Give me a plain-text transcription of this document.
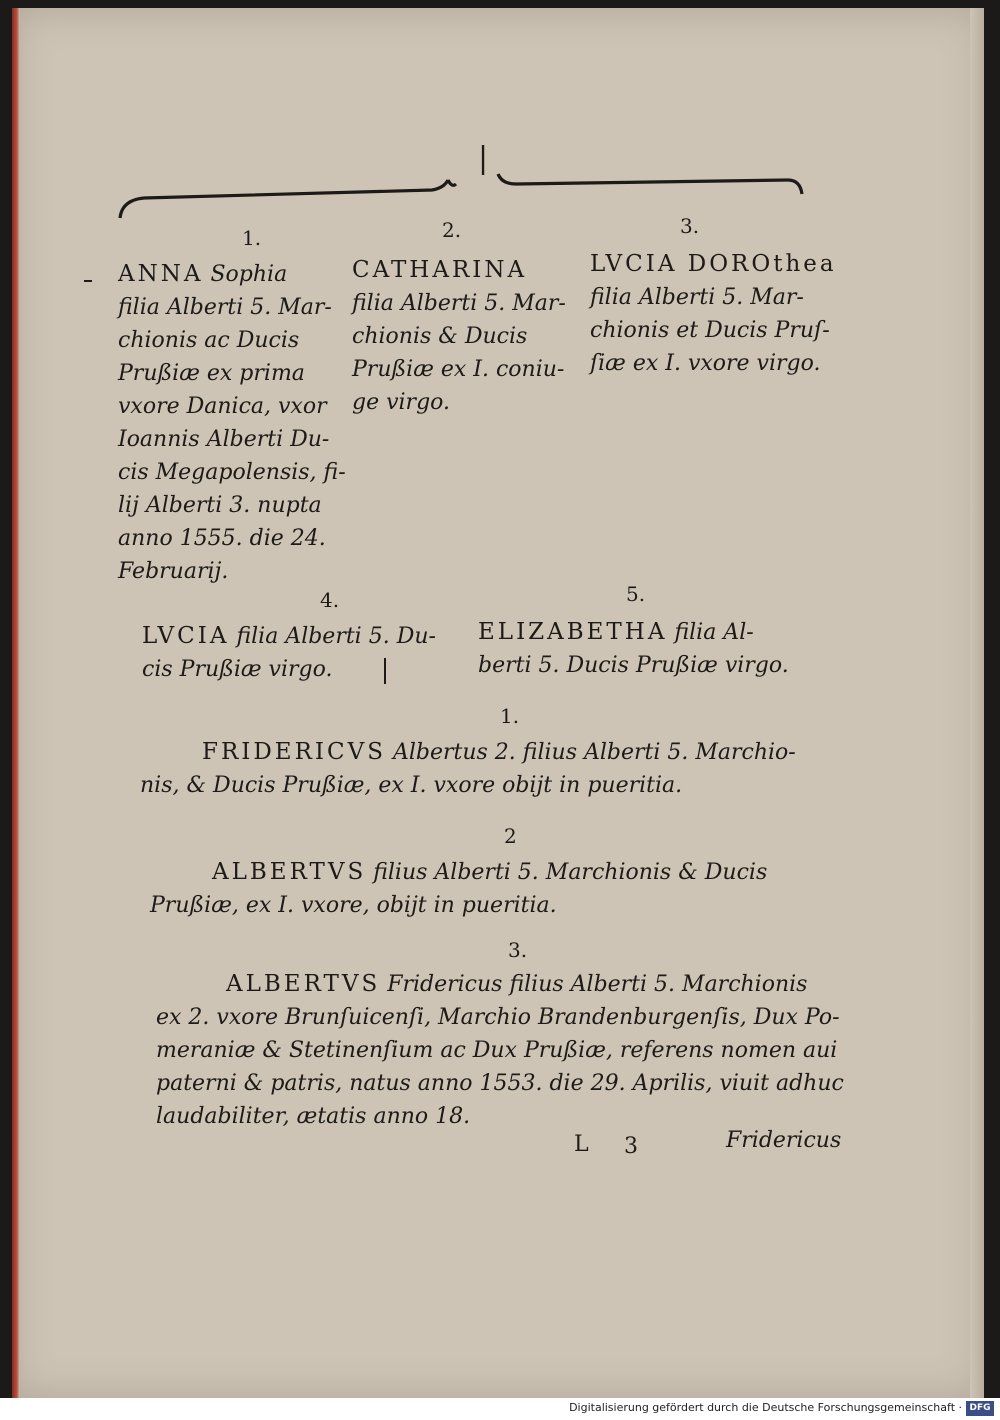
|
1.	2.	3.
ANNA Sophia
filia Alberti 5. Mar-
chionis ac Ducis
Prußiæ ex prima
vxore Danica, vxor
Ioannis Alberti Du-
cis Megapolensis, fi-
lij Alberti 3. nupta
anno 1555. die 24.
Februarij.
CATHARINA
filia Alberti 5. Mar-
chionis & Ducis
Prußiæ ex I. coniu-
ge virgo.
LVCIA DOROthea
filia Alberti 5. Mar-
chionis et Ducis Pruſ-
ſiæ ex I. vxore virgo.
4.
LVCIA filia Alberti 5. Du-
cis Prußiæ virgo.
5.
ELIZABETHA filia Al-
berti 5. Ducis Prußiæ virgo.
1.
FRIDERICVS Albertus 2. filius Alberti 5. Marchio-
nis, & Ducis Prußiæ, ex I. vxore obijt in pueritia.
2
ALBERTVS filius Alberti 5. Marchionis & Ducis
Prußiæ, ex I. vxore, obijt in pueritia.
3.
ALBERTVS Fridericus filius Alberti 5. Marchionis
ex 2. vxore Brunſuicenſi, Marchio Brandenburgenſis, Dux Po-
meraniæ & Stetinenſium ac Dux Prußiæ, referens nomen aui
paterni & patris, natus anno 1553. die 29. Aprilis, viuit adhuc
laudabiliter, ætatis anno 18.
L 3	Fridericus
Digitalisierung gefördert durch die Deutsche Forschungsgemeinschaft · DFG
